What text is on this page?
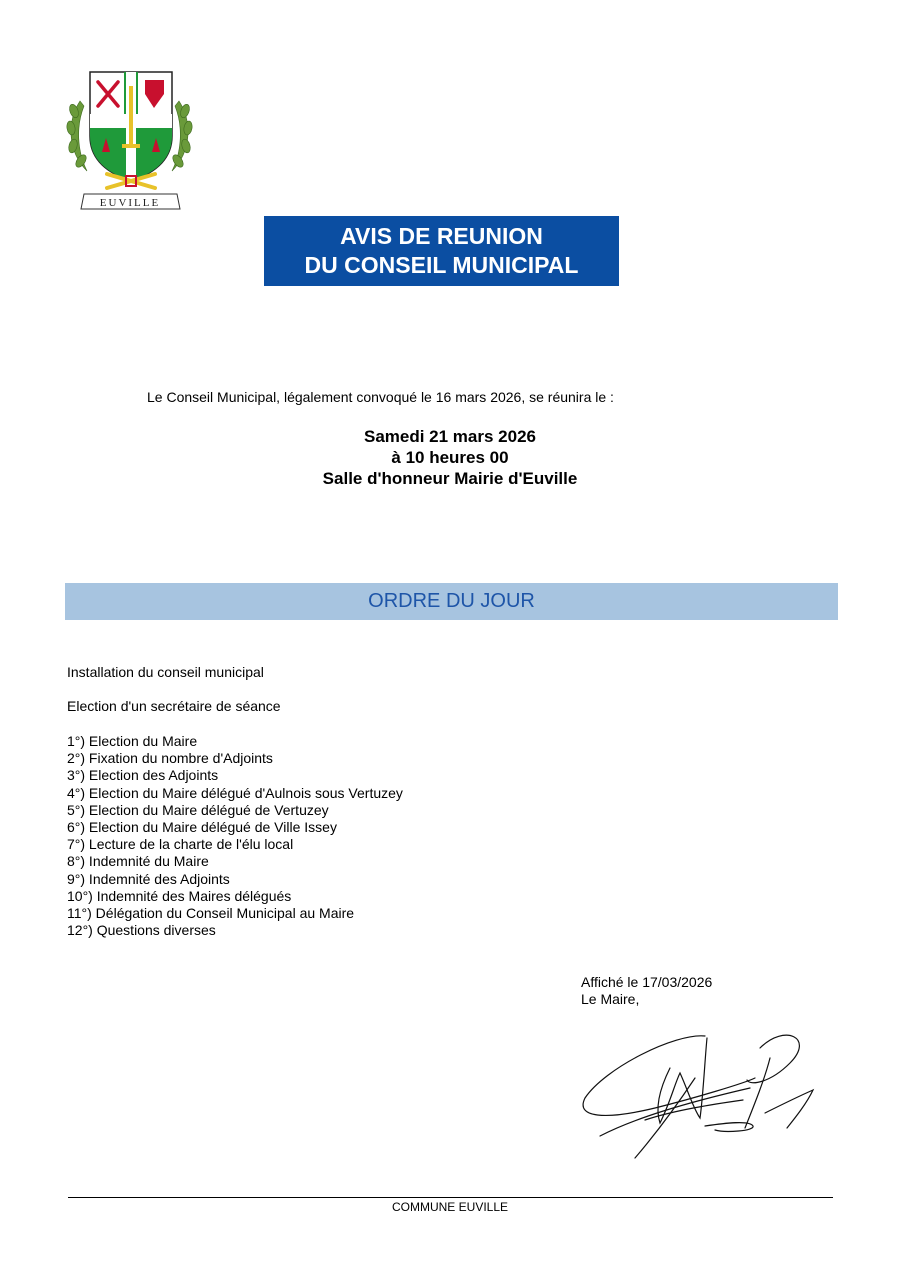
EUVILLE
AVIS DE REUNION
DU CONSEIL MUNICIPAL
Le Conseil Municipal, légalement convoqué le 16 mars 2026, se réunira le :
Samedi 21 mars 2026
à 10 heures 00
Salle d'honneur Mairie d'Euville
ORDRE DU JOUR
Installation du conseil municipal
Election d'un secrétaire de séance
1°) Election du Maire
2°) Fixation du nombre d'Adjoints
3°) Election des Adjoints
4°) Election du Maire délégué d'Aulnois sous Vertuzey
5°) Election du Maire délégué de Vertuzey
6°) Election du Maire délégué de Ville Issey
7°) Lecture de la charte de l'élu local
8°) Indemnité du Maire
9°) Indemnité des Adjoints
10°) Indemnité des Maires délégués
11°) Délégation du Conseil Municipal au Maire
12°) Questions diverses
Affiché le 17/03/2026
Le Maire,
COMMUNE EUVILLE
